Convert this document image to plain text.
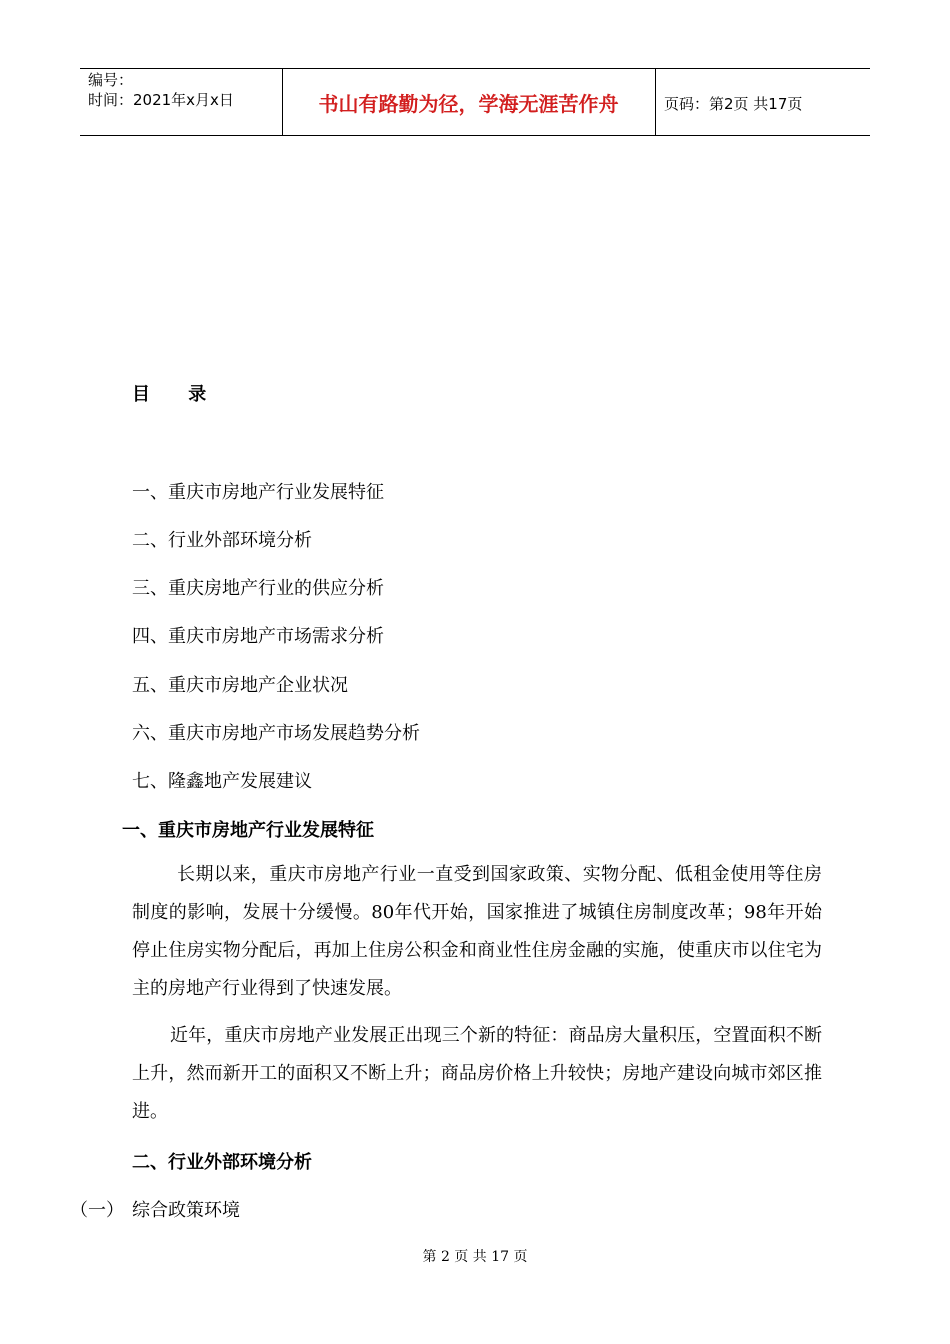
编号：
时间：2021年x月x日	书山有路勤为径，学海无涯苦作舟	页码：第2页 共17页
目 录
一、重庆市房地产行业发展特征
二、行业外部环境分析
三、重庆房地产行业的供应分析
四、重庆市房地产市场需求分析
五、重庆市房地产企业状况
六、重庆市房地产市场发展趋势分析
七、隆鑫地产发展建议
一、重庆市房地产行业发展特征
长期以来，重庆市房地产行业一直受到国家政策、实物分配、低租金使用等住房制度的影响，发展十分缓慢。80年代开始，国家推进了城镇住房制度改革；98年开始停止住房实物分配后，再加上住房公积金和商业性住房金融的实施，使重庆市以住宅为主的房地产行业得到了快速发展。
近年，重庆市房地产业发展正出现三个新的特征：商品房大量积压，空置面积不断上升，然而新开工的面积又不断上升；商品房价格上升较快；房地产建设向城市郊区推进。
二、行业外部环境分析
（一） 综合政策环境
第 2 页 共 17 页
